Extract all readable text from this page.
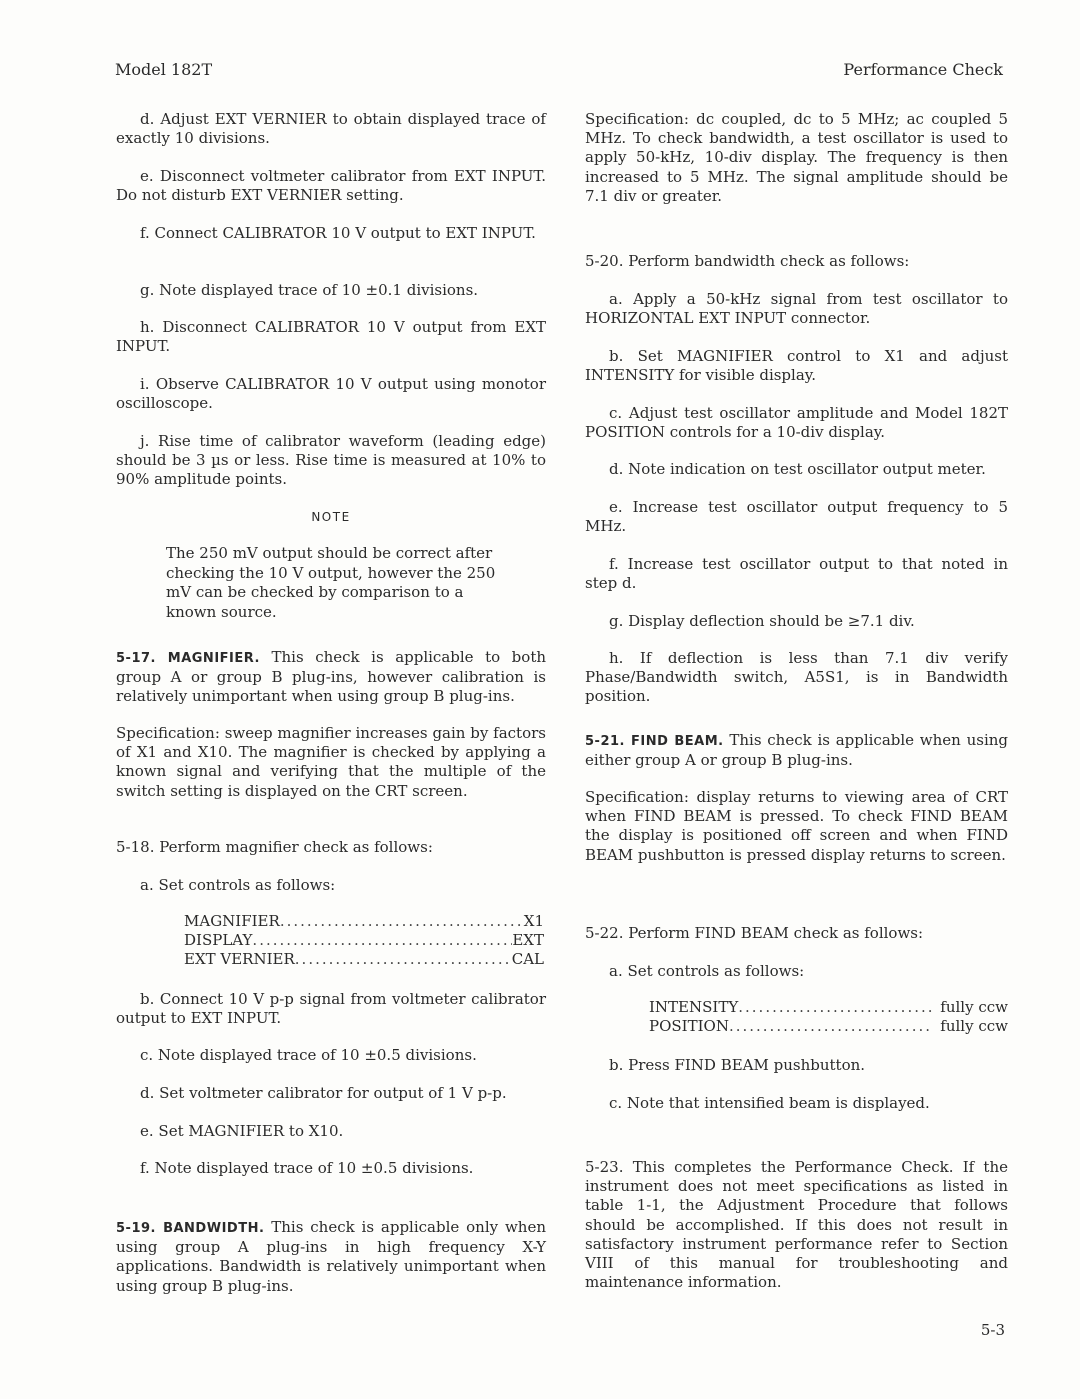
Model 182T	Performance Check

d. Adjust EXT VERNIER to obtain displayed trace of exactly 10 divisions.

e. Disconnect voltmeter calibrator from EXT INPUT. Do not disturb EXT VERNIER setting.

f. Connect CALIBRATOR 10 V output to EXT INPUT.

g. Note displayed trace of 10 ±0.1 divisions.

h. Disconnect CALIBRATOR 10 V output from EXT INPUT.

i. Observe CALIBRATOR 10 V output using monotor oscilloscope.

j. Rise time of calibrator waveform (leading edge) should be 3 µs or less. Rise time is measured at 10% to 90% amplitude points.

NOTE

The 250 mV output should be correct after checking the 10 V output, however the 250 mV can be checked by comparison to a known source.

5-17. MAGNIFIER. This check is applicable to both group A or group B plug-ins, however calibration is relatively unimportant when using group B plug-ins.

Specification: sweep magnifier increases gain by factors of X1 and X10. The magnifier is checked by applying a known signal and verifying that the multiple of the switch setting is displayed on the CRT screen.

5-18. Perform magnifier check as follows:

a. Set controls as follows:

MAGNIFIER .....	X1
DISPLAY .....	EXT
EXT VERNIER .....	CAL

b. Connect 10 V p-p signal from voltmeter calibrator output to EXT INPUT.

c. Note displayed trace of 10 ±0.5 divisions.

d. Set voltmeter calibrator for output of 1 V p-p.

e. Set MAGNIFIER to X10.

f. Note displayed trace of 10 ±0.5 divisions.

5-19. BANDWIDTH. This check is applicable only when using group A plug-ins in high frequency X-Y applications. Bandwidth is relatively unimportant when using group B plug-ins.

Specification: dc coupled, dc to 5 MHz; ac coupled 5 MHz. To check bandwidth, a test oscillator is used to apply 50-kHz, 10-div display. The frequency is then increased to 5 MHz. The signal amplitude should be 7.1 div or greater.

5-20. Perform bandwidth check as follows:

a. Apply a 50-kHz signal from test oscillator to HORIZONTAL EXT INPUT connector.

b. Set MAGNIFIER control to X1 and adjust INTENSITY for visible display.

c. Adjust test oscillator amplitude and Model 182T POSITION controls for a 10-div display.

d. Note indication on test oscillator output meter.

e. Increase test oscillator output frequency to 5 MHz.

f. Increase test oscillator output to that noted in step d.

g. Display deflection should be ≥7.1 div.

h. If deflection is less than 7.1 div verify Phase/Bandwidth switch, A5S1, is in Bandwidth position.

5-21. FIND BEAM. This check is applicable when using either group A or group B plug-ins.

Specification: display returns to viewing area of CRT when FIND BEAM is pressed. To check FIND BEAM the display is positioned off screen and when FIND BEAM pushbutton is pressed display returns to screen.

5-22. Perform FIND BEAM check as follows:

a. Set controls as follows:

INTENSITY .....	fully ccw
POSITION .....	fully ccw

b. Press FIND BEAM pushbutton.

c. Note that intensified beam is displayed.

5-23. This completes the Performance Check. If the instrument does not meet specifications as listed in table 1-1, the Adjustment Procedure that follows should be accomplished. If this does not result in satisfactory instrument performance refer to Section VIII of this manual for troubleshooting and maintenance information.

5-3
